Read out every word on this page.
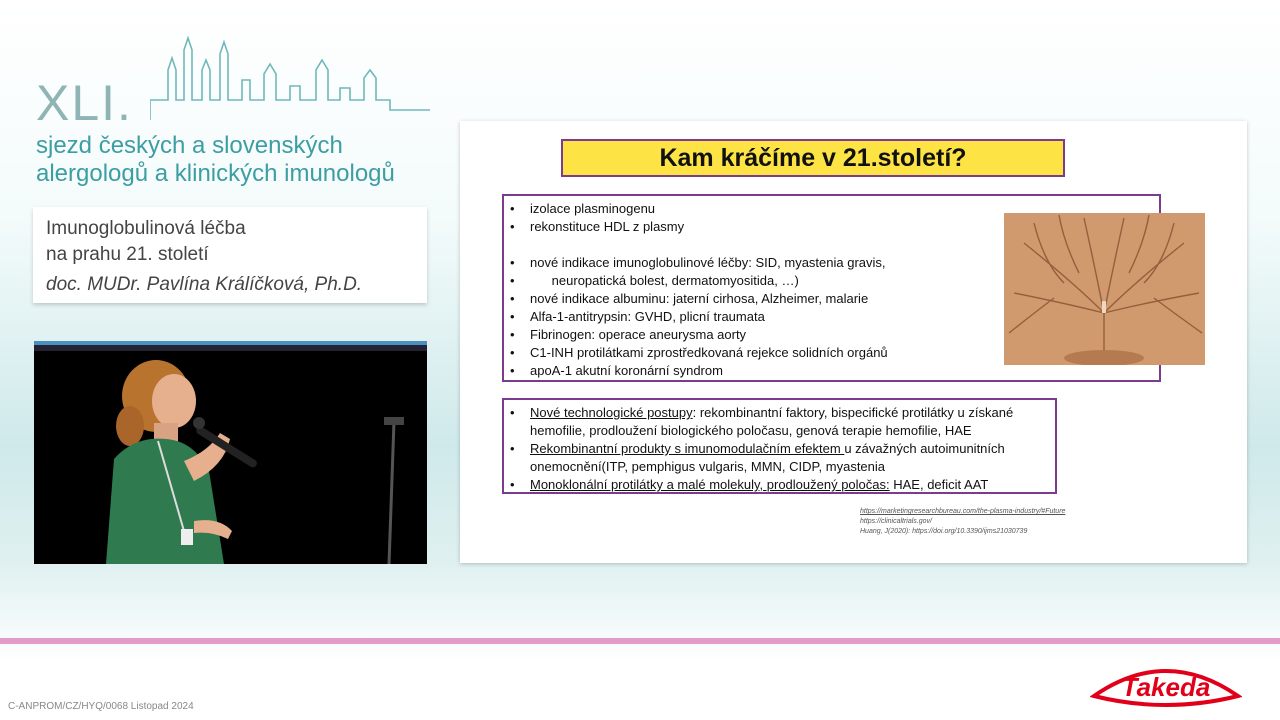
XLI.
sjezd českých a slovenských
alergologů a klinických imunologů
Imunoglobulinová léčba
na prahu 21. století
doc. MUDr. Pavlína Králíčková, Ph.D.
Kam kráčíme v 21.století?
• izolace plasminogenu
• rekonstituce HDL z plasmy
• nové indikace imunoglobulinové léčby: SID, myastenia gravis,
•      neuropatická bolest, dermatomyositida, …)
• nové indikace albuminu: jaterní cirhosa, Alzheimer, malarie
• Alfa-1-antitrypsin: GVHD, plicní traumata
• Fibrinogen: operace aneurysma aorty
• C1-INH protilátkami zprostředkovaná rejekce solidních orgánů
• apoA-1 akutní koronární syndrom
• Nové technologické postupy: rekombinantní faktory, bispecifické protilátky u získané hemofilie, prodloužení biologického poločasu, genová terapie hemofilie, HAE
• Rekombinantní produkty s imunomodulačním efektem u závažných autoimunitních onemocnění(ITP, pemphigus vulgaris, MMN, CIDP, myastenia
• Monoklonální protilátky a malé molekuly, prodloužený poločas: HAE, deficit AAT
https://marketingresearchbureau.com/the-plasma-industry/#Future
https://clinicaltrials.gov/
Huang, J(2020): https://doi.org/10.3390/ijms21030739
C-ANPROM/CZ/HYQ/0068 Listopad 2024
Takeda
